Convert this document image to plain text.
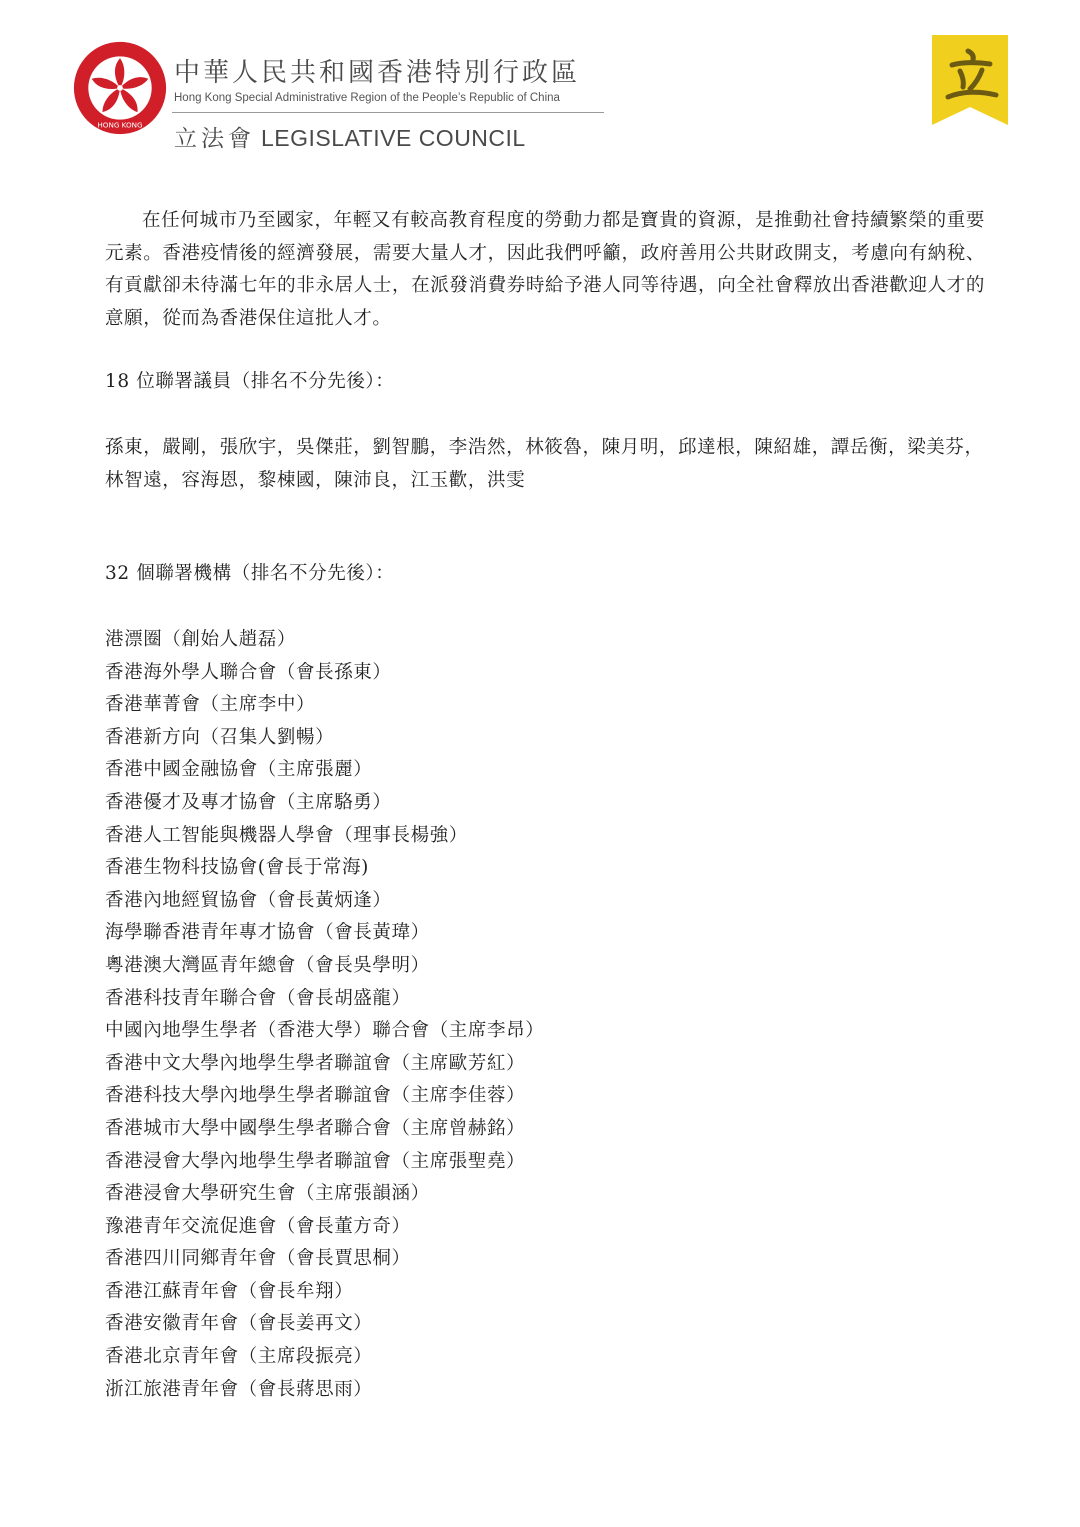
HONG KONG
中華人民共和國香港特別行政區
Hong Kong Special Administrative Region of the People’s Republic of China
立法會 LEGISLATIVE COUNCIL

在任何城市乃至國家，年輕又有較高教育程度的勞動力都是寶貴的資源，是推動社會持續繁榮的重要元素。香港疫情後的經濟發展，需要大量人才，因此我們呼籲，政府善用公共財政開支，考慮向有納稅、有貢獻卻未待滿七年的非永居人士，在派發消費券時給予港人同等待遇，向全社會釋放出香港歡迎人才的意願，從而為香港保住這批人才。

18 位聯署議員（排名不分先後）：

孫東，嚴剛，張欣宇，吳傑莊，劉智鵬，李浩然，林筱魯，陳月明，邱達根，陳紹雄，譚岳衡，梁美芬，林智遠，容海恩，黎棟國，陳沛良，江玉歡，洪雯

32 個聯署機構（排名不分先後）：

港漂圈（創始人趙磊）
香港海外學人聯合會（會長孫東）
香港華菁會（主席李中）
香港新方向（召集人劉暢）
香港中國金融協會（主席張麗）
香港優才及專才協會（主席駱勇）
香港人工智能與機器人學會（理事長楊強）
香港生物科技協會(會長于常海)
香港內地經貿協會（會長黃炳逢）
海學聯香港青年專才協會（會長黃瑋）
粵港澳大灣區青年總會（會長吳學明）
香港科技青年聯合會（會長胡盛龍）
中國內地學生學者（香港大學）聯合會（主席李昂）
香港中文大學內地學生學者聯誼會（主席歐芳紅）
香港科技大學內地學生學者聯誼會（主席李佳蓉）
香港城市大學中國學生學者聯合會（主席曾赫銘）
香港浸會大學內地學生學者聯誼會（主席張聖堯）
香港浸會大學研究生會（主席張韻涵）
豫港青年交流促進會（會長董方奇）
香港四川同鄉青年會（會長賈思桐）
香港江蘇青年會（會長牟翔）
香港安徽青年會（會長姜再文）
香港北京青年會（主席段振亮）
浙江旅港青年會（會長蔣思雨）
